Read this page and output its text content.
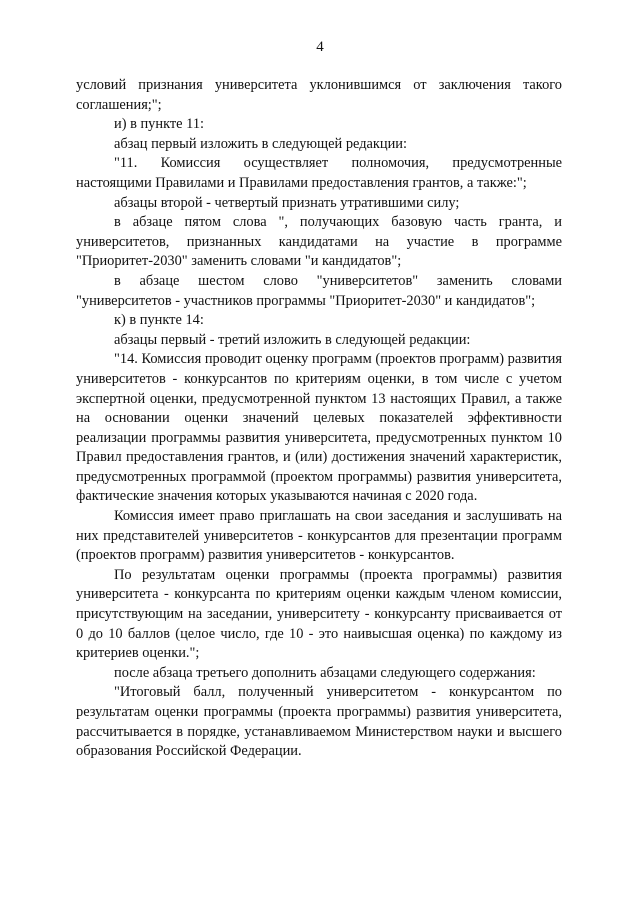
4

условий признания университета уклонившимся от заключения такого соглашения;";

и) в пункте 11:

абзац первый изложить в следующей редакции:

"11. Комиссия осуществляет полномочия, предусмотренные настоящими Правилами и Правилами предоставления грантов, а также:";

абзацы второй - четвертый признать утратившими силу;

в абзаце пятом слова ", получающих базовую часть гранта, и университетов, признанных кандидатами на участие в программе "Приоритет-2030" заменить словами "и кандидатов";

в абзаце шестом слово "университетов" заменить словами "университетов - участников программы "Приоритет-2030" и кандидатов";

к) в пункте 14:

абзацы первый - третий изложить в следующей редакции:

"14. Комиссия проводит оценку программ (проектов программ) развития университетов - конкурсантов по критериям оценки, в том числе с учетом экспертной оценки, предусмотренной пунктом 13 настоящих Правил, а также на основании оценки значений целевых показателей эффективности реализации программы развития университета, предусмотренных пунктом 10 Правил предоставления грантов, и (или) достижения значений характеристик, предусмотренных программой (проектом программы) развития университета, фактические значения которых указываются начиная с 2020 года.

Комиссия имеет право приглашать на свои заседания и заслушивать на них представителей университетов - конкурсантов для презентации программ (проектов программ) развития университетов - конкурсантов.

По результатам оценки программы (проекта программы) развития университета - конкурсанта по критериям оценки каждым членом комиссии, присутствующим на заседании, университету - конкурсанту присваивается от 0 до 10 баллов (целое число, где 10 - это наивысшая оценка) по каждому из критериев оценки.";

после абзаца третьего дополнить абзацами следующего содержания:

"Итоговый балл, полученный университетом - конкурсантом по результатам оценки программы (проекта программы) развития университета, рассчитывается в порядке, устанавливаемом Министерством науки и высшего образования Российской Федерации.
